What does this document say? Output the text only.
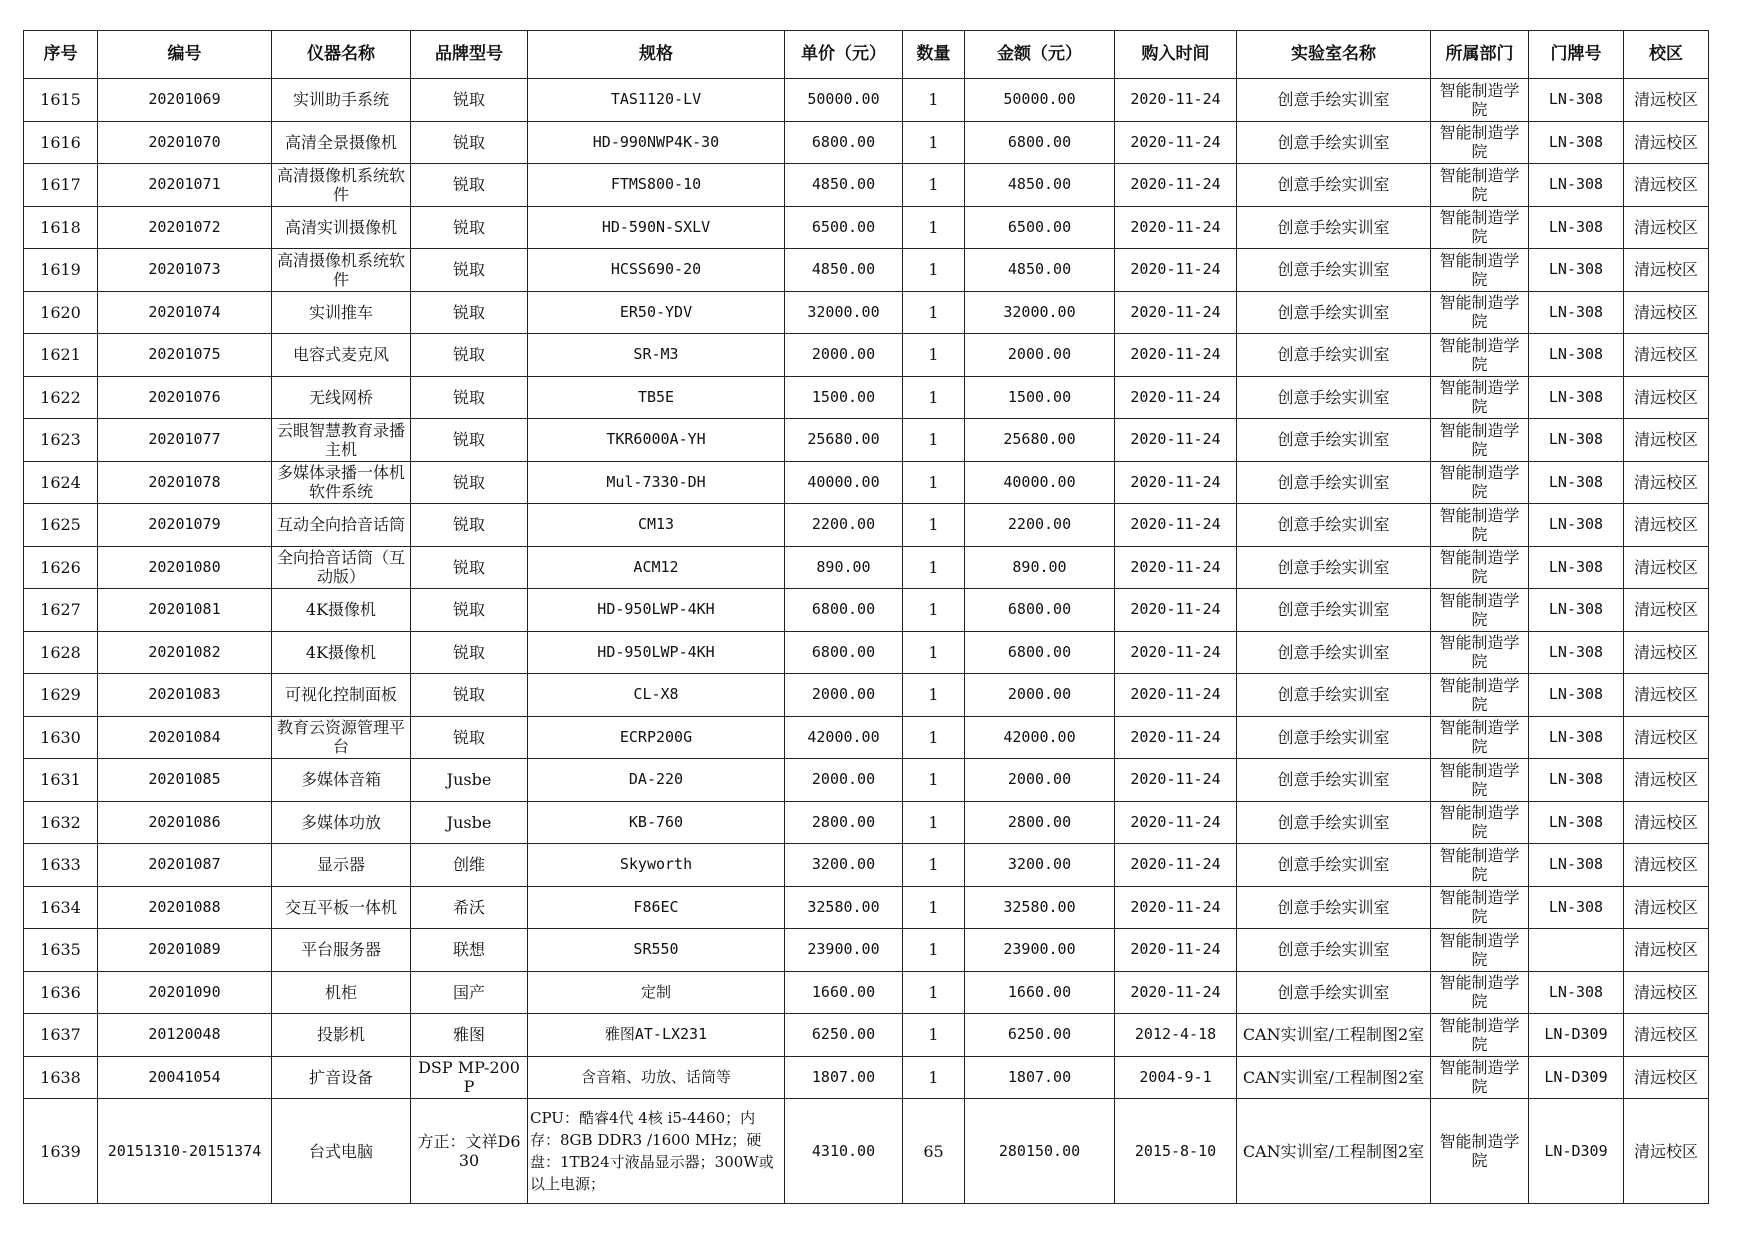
序号	编号	仪器名称	品牌型号	规格	单价（元）	数量	金额（元）	购入时间	实验室名称	所属部门	门牌号	校区
1615	20201069	实训助手系统	锐取	TAS1120-LV	50000.00	1	50000.00	2020-11-24	创意手绘实训室	智能制造学院	LN-308	清远校区
1616	20201070	高清全景摄像机	锐取	HD-990NWP4K-30	6800.00	1	6800.00	2020-11-24	创意手绘实训室	智能制造学院	LN-308	清远校区
1617	20201071	高清摄像机系统软件	锐取	FTMS800-10	4850.00	1	4850.00	2020-11-24	创意手绘实训室	智能制造学院	LN-308	清远校区
1618	20201072	高清实训摄像机	锐取	HD-590N-SXLV	6500.00	1	6500.00	2020-11-24	创意手绘实训室	智能制造学院	LN-308	清远校区
1619	20201073	高清摄像机系统软件	锐取	HCSS690-20	4850.00	1	4850.00	2020-11-24	创意手绘实训室	智能制造学院	LN-308	清远校区
1620	20201074	实训推车	锐取	ER50-YDV	32000.00	1	32000.00	2020-11-24	创意手绘实训室	智能制造学院	LN-308	清远校区
1621	20201075	电容式麦克风	锐取	SR-M3	2000.00	1	2000.00	2020-11-24	创意手绘实训室	智能制造学院	LN-308	清远校区
1622	20201076	无线网桥	锐取	TB5E	1500.00	1	1500.00	2020-11-24	创意手绘实训室	智能制造学院	LN-308	清远校区
1623	20201077	云眼智慧教育录播主机	锐取	TKR6000A-YH	25680.00	1	25680.00	2020-11-24	创意手绘实训室	智能制造学院	LN-308	清远校区
1624	20201078	多媒体录播一体机软件系统	锐取	Mul-7330-DH	40000.00	1	40000.00	2020-11-24	创意手绘实训室	智能制造学院	LN-308	清远校区
1625	20201079	互动全向拾音话筒	锐取	CM13	2200.00	1	2200.00	2020-11-24	创意手绘实训室	智能制造学院	LN-308	清远校区
1626	20201080	全向拾音话筒（互动版）	锐取	ACM12	890.00	1	890.00	2020-11-24	创意手绘实训室	智能制造学院	LN-308	清远校区
1627	20201081	4K摄像机	锐取	HD-950LWP-4KH	6800.00	1	6800.00	2020-11-24	创意手绘实训室	智能制造学院	LN-308	清远校区
1628	20201082	4K摄像机	锐取	HD-950LWP-4KH	6800.00	1	6800.00	2020-11-24	创意手绘实训室	智能制造学院	LN-308	清远校区
1629	20201083	可视化控制面板	锐取	CL-X8	2000.00	1	2000.00	2020-11-24	创意手绘实训室	智能制造学院	LN-308	清远校区
1630	20201084	教育云资源管理平台	锐取	ECRP200G	42000.00	1	42000.00	2020-11-24	创意手绘实训室	智能制造学院	LN-308	清远校区
1631	20201085	多媒体音箱	Jusbe	DA-220	2000.00	1	2000.00	2020-11-24	创意手绘实训室	智能制造学院	LN-308	清远校区
1632	20201086	多媒体功放	Jusbe	KB-760	2800.00	1	2800.00	2020-11-24	创意手绘实训室	智能制造学院	LN-308	清远校区
1633	20201087	显示器	创维	Skyworth	3200.00	1	3200.00	2020-11-24	创意手绘实训室	智能制造学院	LN-308	清远校区
1634	20201088	交互平板一体机	希沃	F86EC	32580.00	1	32580.00	2020-11-24	创意手绘实训室	智能制造学院	LN-308	清远校区
1635	20201089	平台服务器	联想	SR550	23900.00	1	23900.00	2020-11-24	创意手绘实训室	智能制造学院		清远校区
1636	20201090	机柜	国产	定制	1660.00	1	1660.00	2020-11-24	创意手绘实训室	智能制造学院	LN-308	清远校区
1637	20120048	投影机	雅图	雅图AT-LX231	6250.00	1	6250.00	2012-4-18	CAN实训室/工程制图2室	智能制造学院	LN-D309	清远校区
1638	20041054	扩音设备	DSP MP-200P	含音箱、功放、话筒等	1807.00	1	1807.00	2004-9-1	CAN实训室/工程制图2室	智能制造学院	LN-D309	清远校区
1639	20151310-20151374	台式电脑	方正：文祥D630	CPU：酷睿4代 4核 i5-4460；内存：8GB DDR3 /1600 MHz；硬盘：1TB24寸液晶显示器；300W或以上电源；	4310.00	65	280150.00	2015-8-10	CAN实训室/工程制图2室	智能制造学院	LN-D309	清远校区
